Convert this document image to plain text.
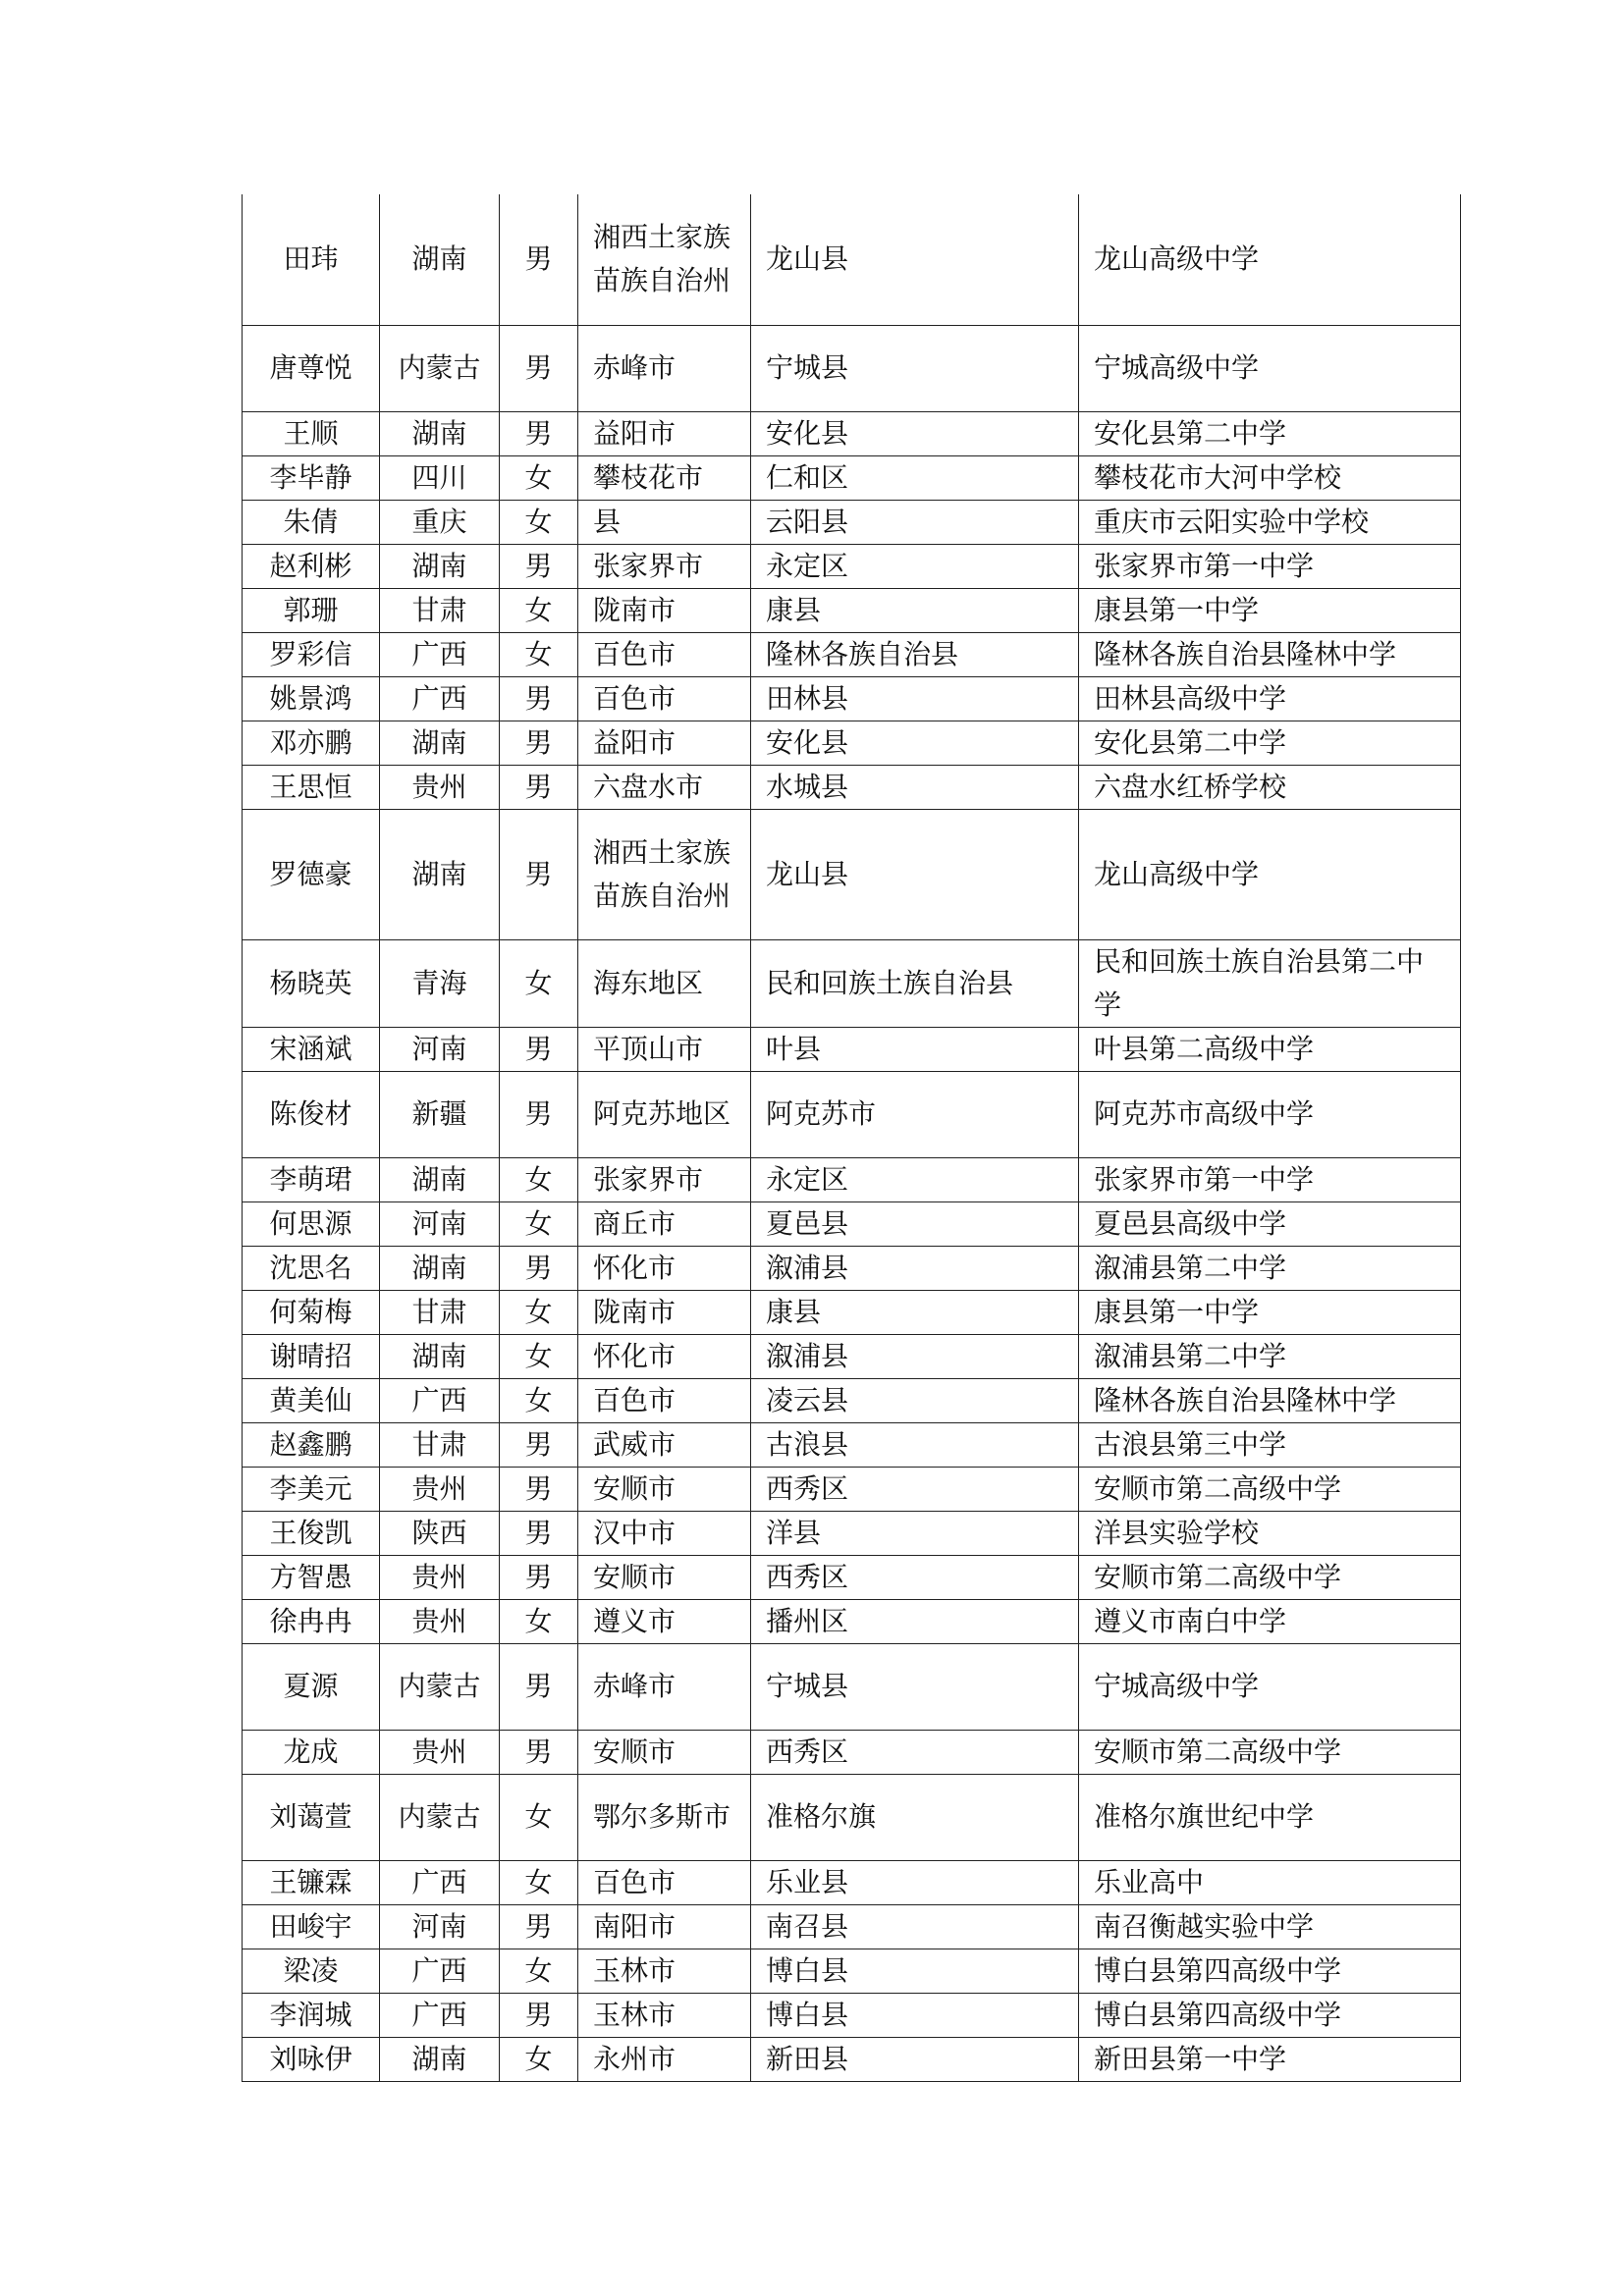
田玮	湖南	男	湘西土家族苗族自治州	龙山县	龙山高级中学
唐尊悦	内蒙古	男	赤峰市	宁城县	宁城高级中学
王顺	湖南	男	益阳市	安化县	安化县第二中学
李毕静	四川	女	攀枝花市	仁和区	攀枝花市大河中学校
朱倩	重庆	女	县	云阳县	重庆市云阳实验中学校
赵利彬	湖南	男	张家界市	永定区	张家界市第一中学
郭珊	甘肃	女	陇南市	康县	康县第一中学
罗彩信	广西	女	百色市	隆林各族自治县	隆林各族自治县隆林中学
姚景鸿	广西	男	百色市	田林县	田林县高级中学
邓亦鹏	湖南	男	益阳市	安化县	安化县第二中学
王思恒	贵州	男	六盘水市	水城县	六盘水红桥学校
罗德豪	湖南	男	湘西土家族苗族自治州	龙山县	龙山高级中学
杨晓英	青海	女	海东地区	民和回族土族自治县	民和回族土族自治县第二中学
宋涵斌	河南	男	平顶山市	叶县	叶县第二高级中学
陈俊材	新疆	男	阿克苏地区	阿克苏市	阿克苏市高级中学
李萌珺	湖南	女	张家界市	永定区	张家界市第一中学
何思源	河南	女	商丘市	夏邑县	夏邑县高级中学
沈思名	湖南	男	怀化市	溆浦县	溆浦县第二中学
何菊梅	甘肃	女	陇南市	康县	康县第一中学
谢晴招	湖南	女	怀化市	溆浦县	溆浦县第二中学
黄美仙	广西	女	百色市	凌云县	隆林各族自治县隆林中学
赵鑫鹏	甘肃	男	武威市	古浪县	古浪县第三中学
李美元	贵州	男	安顺市	西秀区	安顺市第二高级中学
王俊凯	陕西	男	汉中市	洋县	洋县实验学校
方智愚	贵州	男	安顺市	西秀区	安顺市第二高级中学
徐冉冉	贵州	女	遵义市	播州区	遵义市南白中学
夏源	内蒙古	男	赤峰市	宁城县	宁城高级中学
龙成	贵州	男	安顺市	西秀区	安顺市第二高级中学
刘蔼萱	内蒙古	女	鄂尔多斯市	准格尔旗	准格尔旗世纪中学
王镰霖	广西	女	百色市	乐业县	乐业高中
田峻宇	河南	男	南阳市	南召县	南召衡越实验中学
梁凌	广西	女	玉林市	博白县	博白县第四高级中学
李润城	广西	男	玉林市	博白县	博白县第四高级中学
刘咏伊	湖南	女	永州市	新田县	新田县第一中学
